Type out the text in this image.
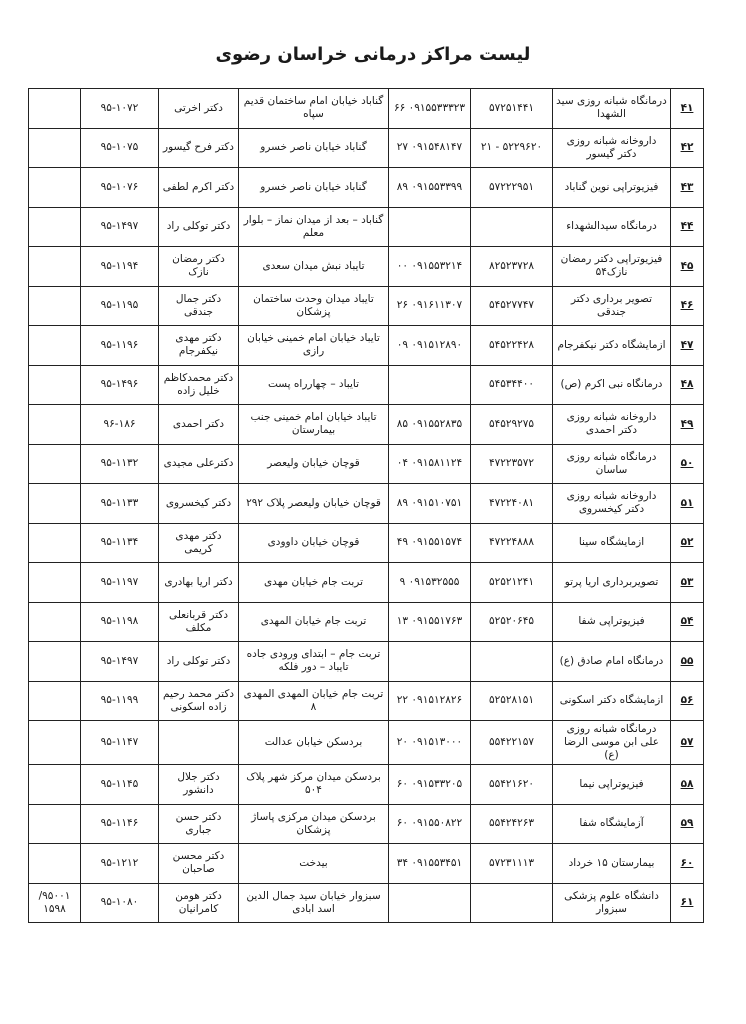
لیست مراکز درمانی خراسان رضوی
۴۱	درمانگاه شبانه روزی سید الشهدا	۵۷۲۵۱۴۴۱	۰۹۱۵۵۳۳۳۲۳ ۶۶	گناباد خیابان امام ساختمان قدیم سپاه	دکتر اخرتی	۹۵-۱۰۷۲	
۴۲	داروخانه شبانه روزی دکتر گیسور	۵۲۲۹۶۲۰ - ۲۱	۰۹۱۵۴۸۱۴۷ ۲۷	گناباد خیابان ناصر خسرو	دکتر فرح گیسور	۹۵-۱۰۷۵	
۴۳	فیزیوتراپی نوین گناباد	۵۷۲۲۲۹۵۱	۰۹۱۵۵۳۳۹۹ ۸۹	گناباد خیابان ناصر خسرو	دکتر اکرم لطفی	۹۵-۱۰۷۶	
۴۴	درمانگاه سیدالشهداء			گناباد – بعد از میدان نماز – بلوار معلم	دکتر توکلی راد	۹۵-۱۴۹۷	
۴۵	فیزیوتراپی دکتر رمضان نازک۵۴	۸۲۵۲۳۷۲۸	۰۹۱۵۵۳۲۱۴ ۰۰	تایباد نبش میدان سعدی	دکتر رمضان نازک	۹۵-۱۱۹۴	
۴۶	تصویر برداری دکتر جندقی	۵۴۵۲۷۷۴۷	۰۹۱۶۱۱۳۰۷ ۲۶	تایباد میدان وحدت ساختمان پزشکان	دکتر جمال جندقی	۹۵-۱۱۹۵	
۴۷	ازمایشگاه دکتر نیکفرجام	۵۴۵۲۲۴۲۸	۰۹۱۵۱۲۸۹۰ ۰۹	تایباد خیابان امام خمینی خیابان رازی	دکتر مهدی نیکفرجام	۹۵-۱۱۹۶	
۴۸	درمانگاه نبی اکرم (ص)	۵۴۵۳۴۴۰۰		تایباد – چهارراه پست	دکتر محمدکاظم خلیل زاده	۹۵-۱۴۹۶	
۴۹	داروخانه شبانه روزی دکتر احمدی	۵۴۵۲۹۲۷۵	۰۹۱۵۵۲۸۳۵ ۸۵	تایباد خیابان امام خمینی جنب بیمارستان	دکتر احمدی	۹۶-۱۸۶	
۵۰	درمانگاه شبانه روزی ساسان	۴۷۲۲۳۵۷۲	۰۹۱۵۸۱۱۲۴ ۰۴	قوچان خیابان ولیعصر	دکترعلی مجیدی	۹۵-۱۱۳۲	
۵۱	داروخانه شبانه روزی دکتر کیخسروی	۴۷۲۲۴۰۸۱	۰۹۱۵۱۰۷۵۱ ۸۹	قوچان خیابان ولیعصر پلاک ۲۹۲	دکتر کیخسروی	۹۵-۱۱۳۳	
۵۲	ازمایشگاه سینا	۴۷۲۲۴۸۸۸	۰۹۱۵۵۱۵۷۴ ۴۹	قوچان خیابان داوودی	دکتر مهدی کریمی	۹۵-۱۱۳۴	
۵۳	تصویربرداری اریا پرتو	۵۲۵۲۱۲۴۱	۰۹۱۵۳۲۵۵۵ ۹	تربت جام خیابان مهدی	دکتر اریا بهادری	۹۵-۱۱۹۷	
۵۴	فیزیوتراپی شفا	۵۲۵۲۰۶۴۵	۰۹۱۵۵۱۷۶۳ ۱۳	تربت جام خیابان المهدی	دکتر قربانعلی مکلف	۹۵-۱۱۹۸	
۵۵	درمانگاه امام صادق (ع)			تربت جام – ابتدای ورودی جاده تایباد – دور فلکه	دکتر توکلی راد	۹۵-۱۴۹۷	
۵۶	ازمایشگاه دکتر اسکونی	۵۲۵۲۸۱۵۱	۰۹۱۵۱۲۸۲۶ ۲۲	تربت جام خیابان المهدی المهدی ۸	دکتر محمد رحیم زاده اسکونی	۹۵-۱۱۹۹	
۵۷	درمانگاه شبانه روزی علی ابن موسی الرضا (ع)	۵۵۴۲۲۱۵۷	۰۹۱۵۱۳۰۰۰ ۲۰	بردسکن خیابان عدالت		۹۵-۱۱۴۷	
۵۸	فیزیوتراپی نیما	۵۵۴۲۱۶۲۰	۰۹۱۵۳۳۲۰۵ ۶۰	بردسکن میدان مرکز شهر پلاک ۵۰۴	دکتر جلال دانشور	۹۵-۱۱۴۵	
۵۹	آزمایشگاه شفا	۵۵۴۲۴۲۶۳	۰۹۱۵۵۰۸۲۲ ۶۰	بردسکن میدان مرکزی پاساژ پزشکان	دکتر حسن جباری	۹۵-۱۱۴۶	
۶۰	بیمارستان ۱۵ خرداد	۵۷۲۳۱۱۱۳	۰۹۱۵۵۳۴۵۱ ۳۴	بیدخت	دکتر محسن صاحبان	۹۵-۱۲۱۲	
۶۱	دانشگاه علوم پزشکی سبزوار			سبزوار خیابان سید جمال الدین اسد ابادی	دکتر هومن کامرانیان	۹۵-۱۰۸۰	۹۵۰۰۱/ ۱۵۹۸
